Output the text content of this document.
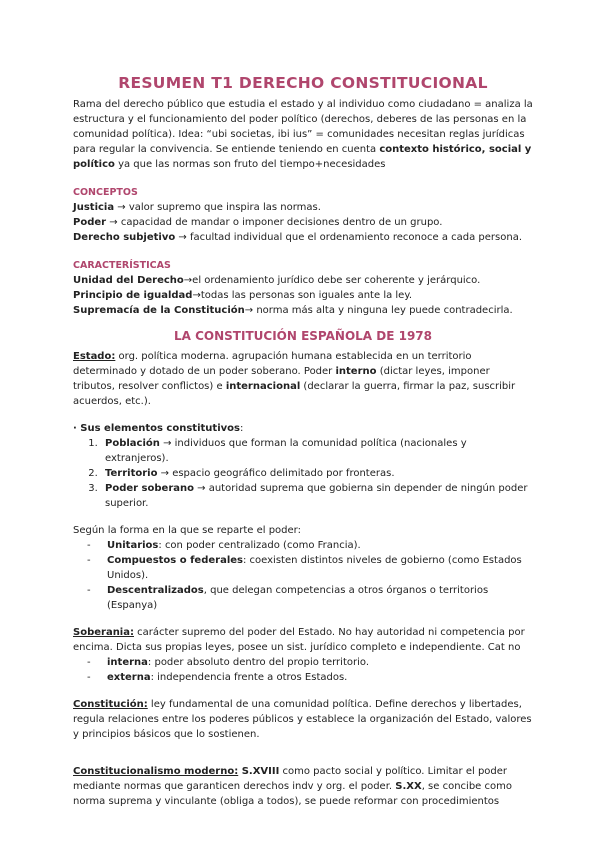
RESUMEN T1 DERECHO CONSTITUCIONAL

Rama del derecho público que estudia el estado y al individuo como ciudadano = analiza la estructura y el funcionamiento del poder político (derechos, deberes de las personas en la comunidad política). Idea: “ubi societas, ibi ius” = comunidades necesitan reglas jurídicas para regular la convivencia. Se entiende teniendo en cuenta contexto histórico, social y político ya que las normas son fruto del tiempo+necesidades

CONCEPTOS

Justicia → valor supremo que inspira las normas.

Poder → capacidad de mandar o imponer decisiones dentro de un grupo.

Derecho subjetivo → facultad individual que el ordenamiento reconoce a cada persona.

CARACTERÍSTICAS

Unidad del Derecho→el ordenamiento jurídico debe ser coherente y jerárquico.

Principio de igualdad→todas las personas son iguales ante la ley.

Supremacía de la Constitución→ norma más alta y ninguna ley puede contradecirla.

LA CONSTITUCIÓN ESPAÑOLA DE 1978

Estado: org. política moderna. agrupación humana establecida en un territorio determinado y dotado de un poder soberano. Poder interno (dictar leyes, imponer tributos, resolver conflictos) e internacional (declarar la guerra, firmar la paz, suscribir acuerdos, etc.).

· Sus elementos constitutivos:

1. Población → individuos que forman la comunidad política (nacionales y extranjeros).
2. Territorio → espacio geográfico delimitado por fronteras.
3. Poder soberano → autoridad suprema que gobierna sin depender de ningún poder superior.

Según la forma en la que se reparte el poder:

- Unitarios: con poder centralizado (como Francia).
- Compuestos o federales: coexisten distintos niveles de gobierno (como Estados Unidos).
- Descentralizados, que delegan competencias a otros órganos o territorios (Espanya)

Soberania: carácter supremo del poder del Estado. No hay autoridad ni competencia por encima. Dicta sus propias leyes, posee un sist. jurídico completo e independiente. Cat no

- interna: poder absoluto dentro del propio territorio.
- externa: independencia frente a otros Estados.

Constitución: ley fundamental de una comunidad política. Define derechos y libertades, regula relaciones entre los poderes públicos y establece la organización del Estado, valores y principios básicos que lo sostienen.

Constitucionalismo moderno: S.XVIII como pacto social y político. Limitar el poder mediante normas que garanticen derechos indv y org. el poder. S.XX, se concibe como norma suprema y vinculante (obliga a todos), se puede reformar con procedimientos
